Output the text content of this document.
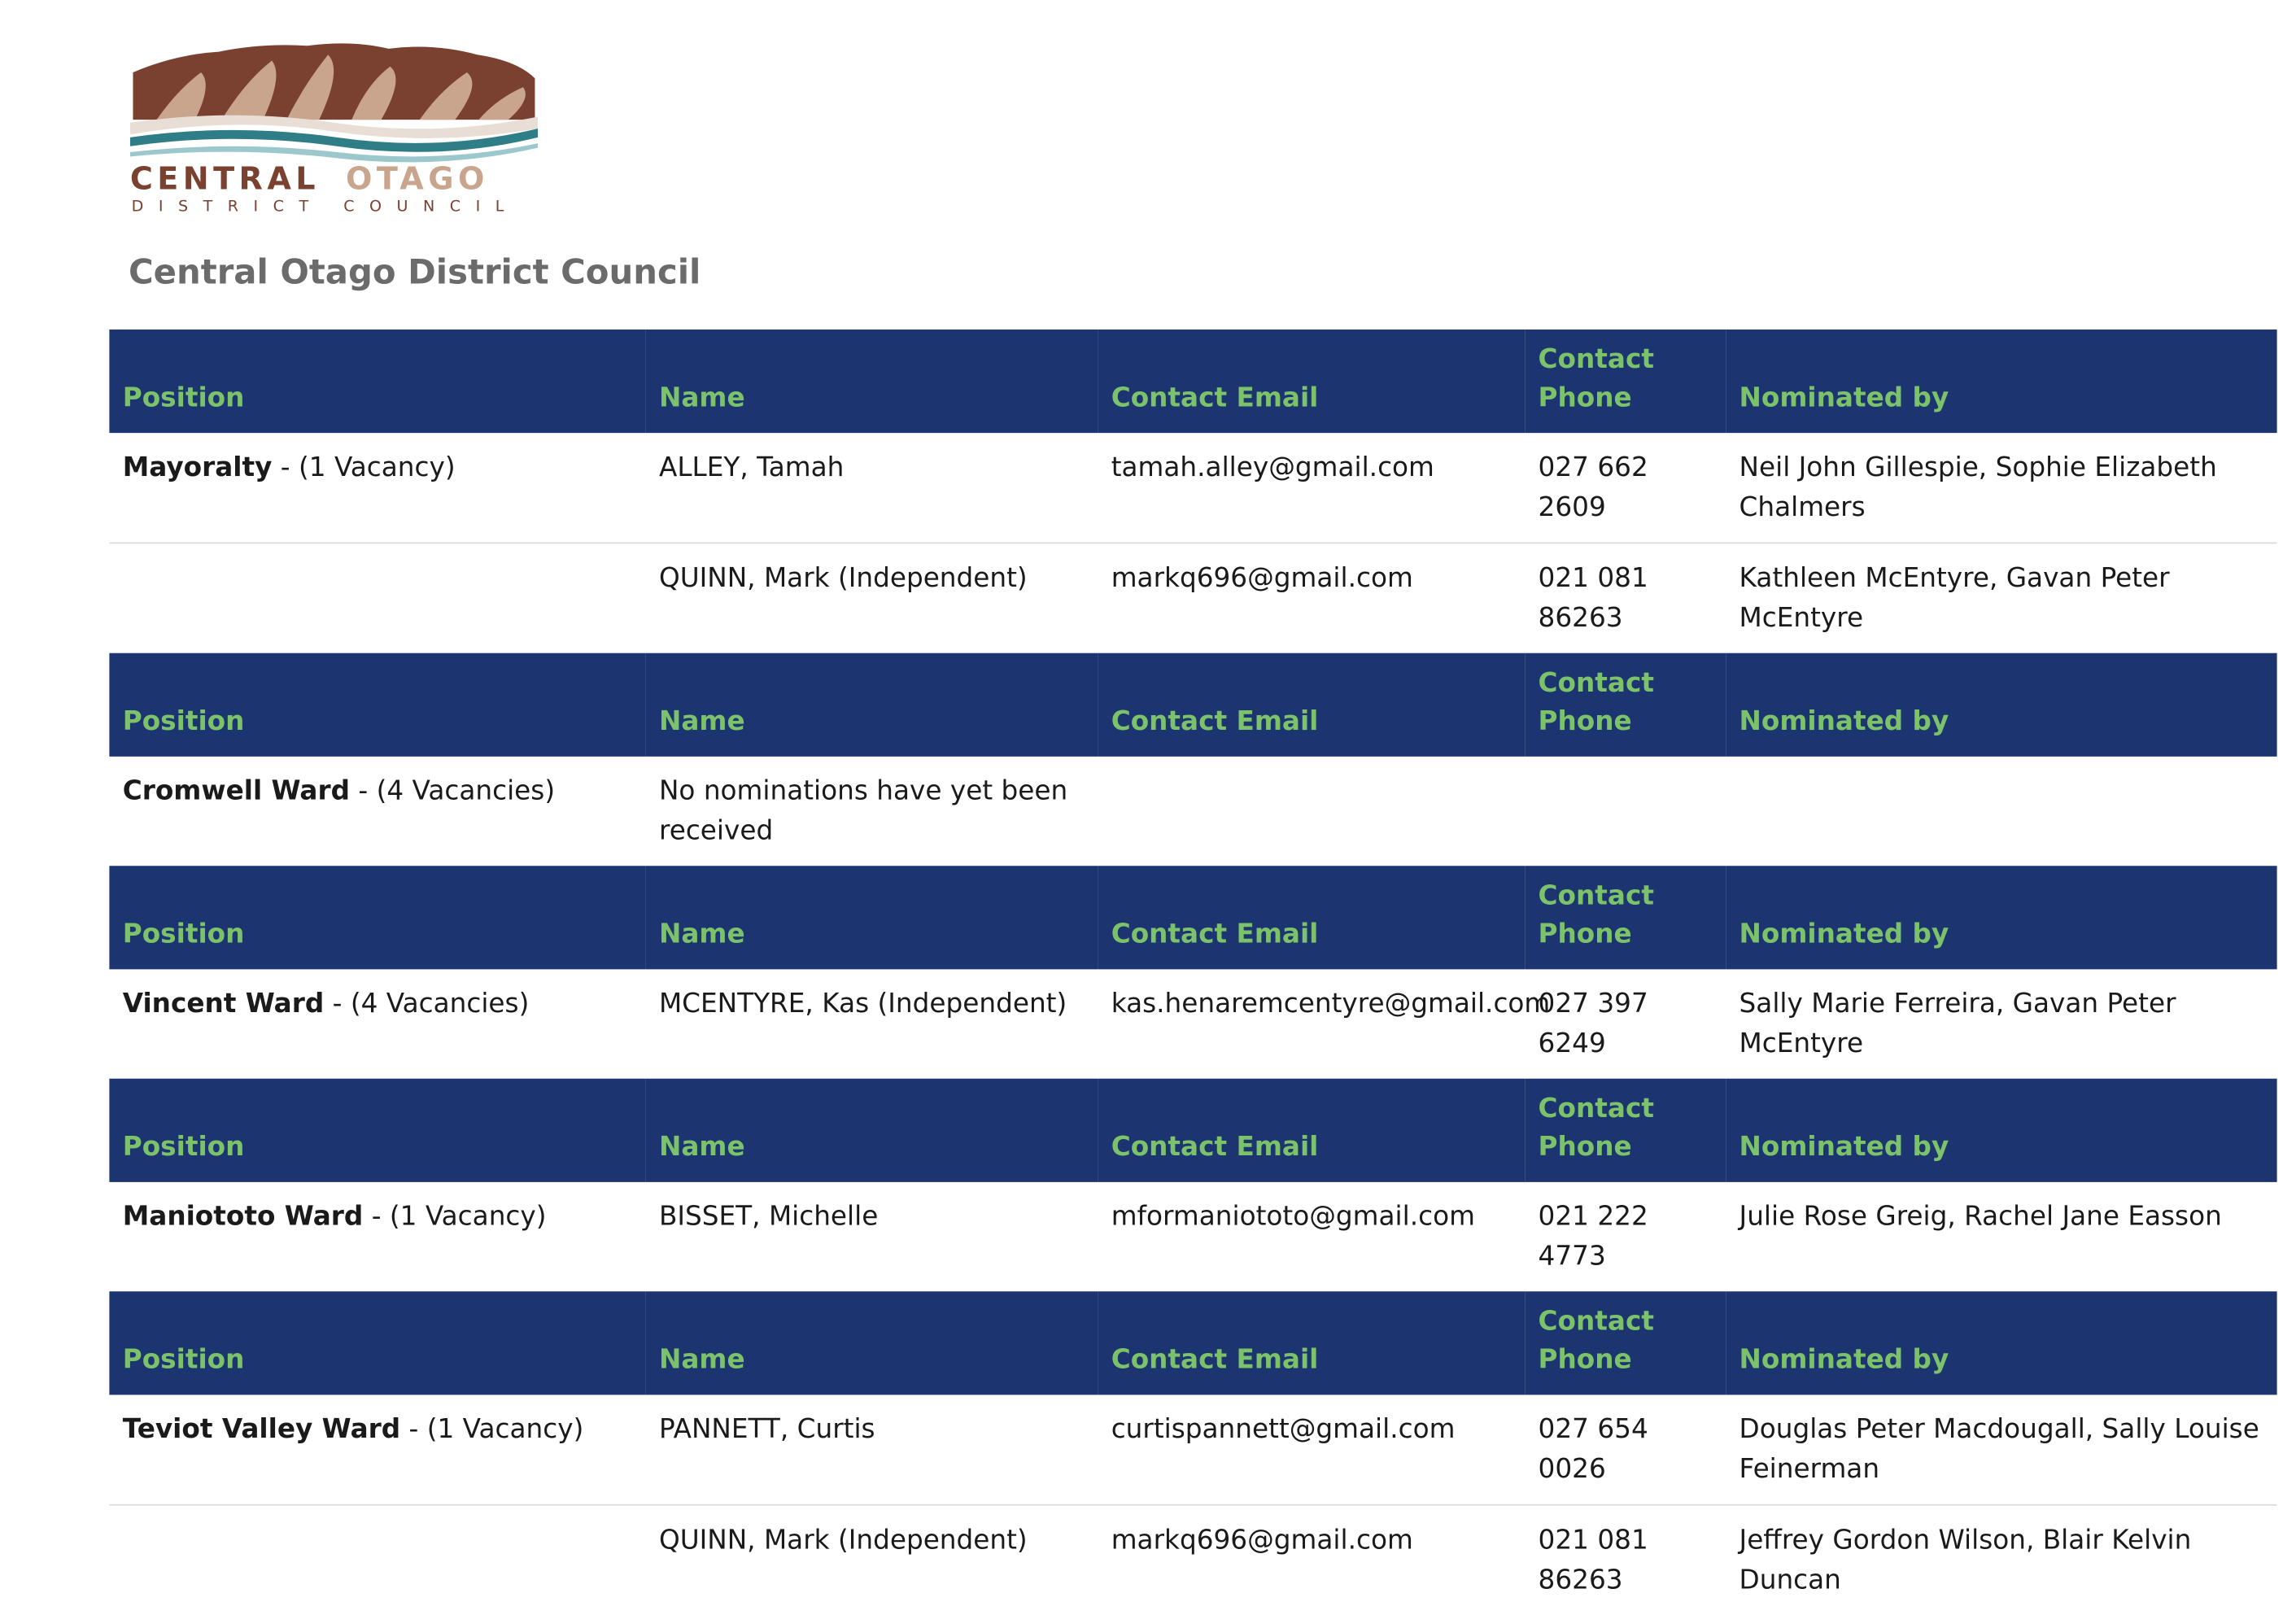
CENTRAL OTAGO
DISTRICT COUNCIL
Central Otago District Council
Position	Name	Contact Email	Contact Phone	Nominated by
Mayoralty - (1 Vacancy)	ALLEY, Tamah	tamah.alley@gmail.com	027 662 2609	Neil John Gillespie, Sophie Elizabeth Chalmers
	QUINN, Mark (Independent)	markq696@gmail.com	021 081 86263	Kathleen McEntyre, Gavan Peter McEntyre
Position	Name	Contact Email	Contact Phone	Nominated by
Cromwell Ward - (4 Vacancies)	No nominations have yet been received			
Position	Name	Contact Email	Contact Phone	Nominated by
Vincent Ward - (4 Vacancies)	MCENTYRE, Kas (Independent)	kas.henaremcentyre@gmail.com	027 397 6249	Sally Marie Ferreira, Gavan Peter McEntyre
Position	Name	Contact Email	Contact Phone	Nominated by
Maniototo Ward - (1 Vacancy)	BISSET, Michelle	mformaniototo@gmail.com	021 222 4773	Julie Rose Greig, Rachel Jane Easson
Position	Name	Contact Email	Contact Phone	Nominated by
Teviot Valley Ward - (1 Vacancy)	PANNETT, Curtis	curtispannett@gmail.com	027 654 0026	Douglas Peter Macdougall, Sally Louise Feinerman
	QUINN, Mark (Independent)	markq696@gmail.com	021 081 86263	Jeffrey Gordon Wilson, Blair Kelvin Duncan
